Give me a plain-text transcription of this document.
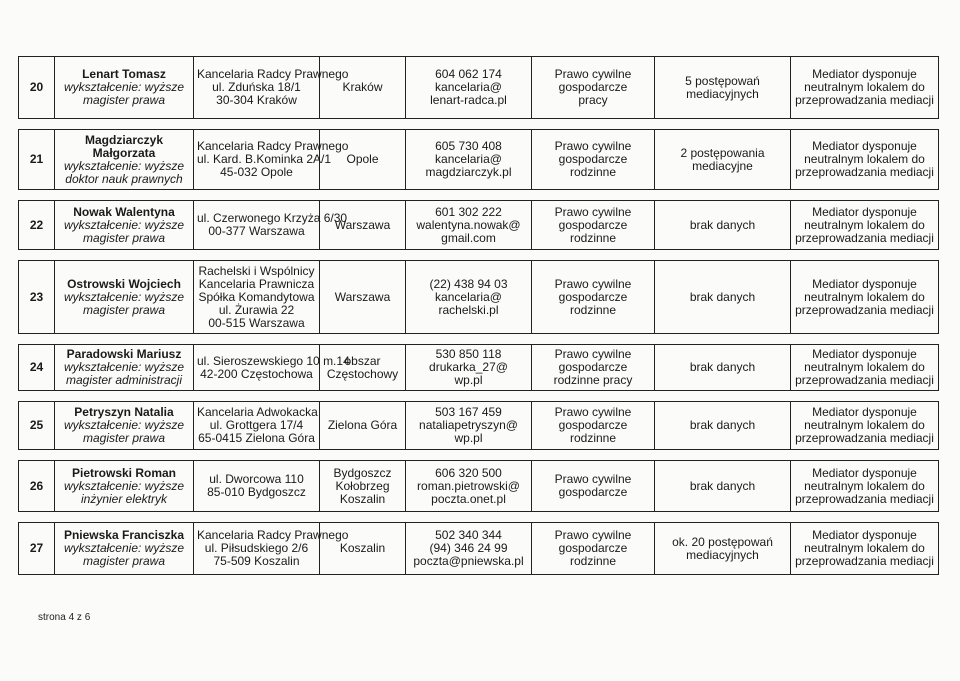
20	Lenart Tomasz
wykształcenie: wyższe
magister prawa	Kancelaria Radcy Prawnego
ul. Zduńska 18/1
30-304 Kraków	Kraków	604 062 174
kancelaria@
lenart-radca.pl	Prawo cywilne
gospodarcze
pracy	5 postępowań
mediacyjnych	Mediator dysponuje
neutralnym lokalem do
przeprowadzania mediacji

21	Magdziarczyk
Małgorzata
wykształcenie: wyższe
doktor nauk prawnych	Kancelaria Radcy Prawnego
ul. Kard. B.Kominka 2A/1
45-032 Opole	Opole	605 730 408
kancelaria@
magdziarczyk.pl	Prawo cywilne
gospodarcze
rodzinne	2 postępowania
mediacyjne	Mediator dysponuje
neutralnym lokalem do
przeprowadzania mediacji

22	Nowak Walentyna
wykształcenie: wyższe
magister prawa	ul. Czerwonego Krzyża 6/30
00-377 Warszawa	Warszawa	601 302 222
walentyna.nowak@
gmail.com	Prawo cywilne
gospodarcze
rodzinne	brak danych	Mediator dysponuje
neutralnym lokalem do
przeprowadzania mediacji

23	Ostrowski Wojciech
wykształcenie: wyższe
magister prawa	Rachelski i Wspólnicy
Kancelaria Prawnicza
Spółka Komandytowa
ul. Żurawia 22
00-515 Warszawa	Warszawa	(22) 438 94 03
kancelaria@
rachelski.pl	Prawo cywilne
gospodarcze
rodzinne	brak danych	Mediator dysponuje
neutralnym lokalem do
przeprowadzania mediacji

24	Paradowski Mariusz
wykształcenie: wyższe
magister administracji	ul. Sieroszewskiego 10 m.14
42-200 Częstochowa	obszar
Częstochowy	530 850 118
drukarka_27@
wp.pl	Prawo cywilne
gospodarcze
rodzinne pracy	brak danych	Mediator dysponuje
neutralnym lokalem do
przeprowadzania mediacji

25	Petryszyn Natalia
wykształcenie: wyższe
magister prawa	Kancelaria Adwokacka
ul. Grottgera 17/4
65-0415 Zielona Góra	Zielona Góra	503 167 459
nataliapetryszyn@
wp.pl	Prawo cywilne
gospodarcze
rodzinne	brak danych	Mediator dysponuje
neutralnym lokalem do
przeprowadzania mediacji

26	Pietrowski Roman
wykształcenie: wyższe
inżynier elektryk	ul. Dworcowa 110
85-010 Bydgoszcz	Bydgoszcz
Kołobrzeg
Koszalin	606 320 500
roman.pietrowski@
poczta.onet.pl	Prawo cywilne
gospodarcze	brak danych	Mediator dysponuje
neutralnym lokalem do
przeprowadzania mediacji

27	Pniewska Franciszka
wykształcenie: wyższe
magister prawa	Kancelaria Radcy Prawnego
ul. Piłsudskiego 2/6
75-509 Koszalin	Koszalin	502 340 344
(94) 346 24 99
poczta@pniewska.pl	Prawo cywilne
gospodarcze
rodzinne	ok. 20 postępowań
mediacyjnych	Mediator dysponuje
neutralnym lokalem do
przeprowadzania mediacji
strona 4 z 6
